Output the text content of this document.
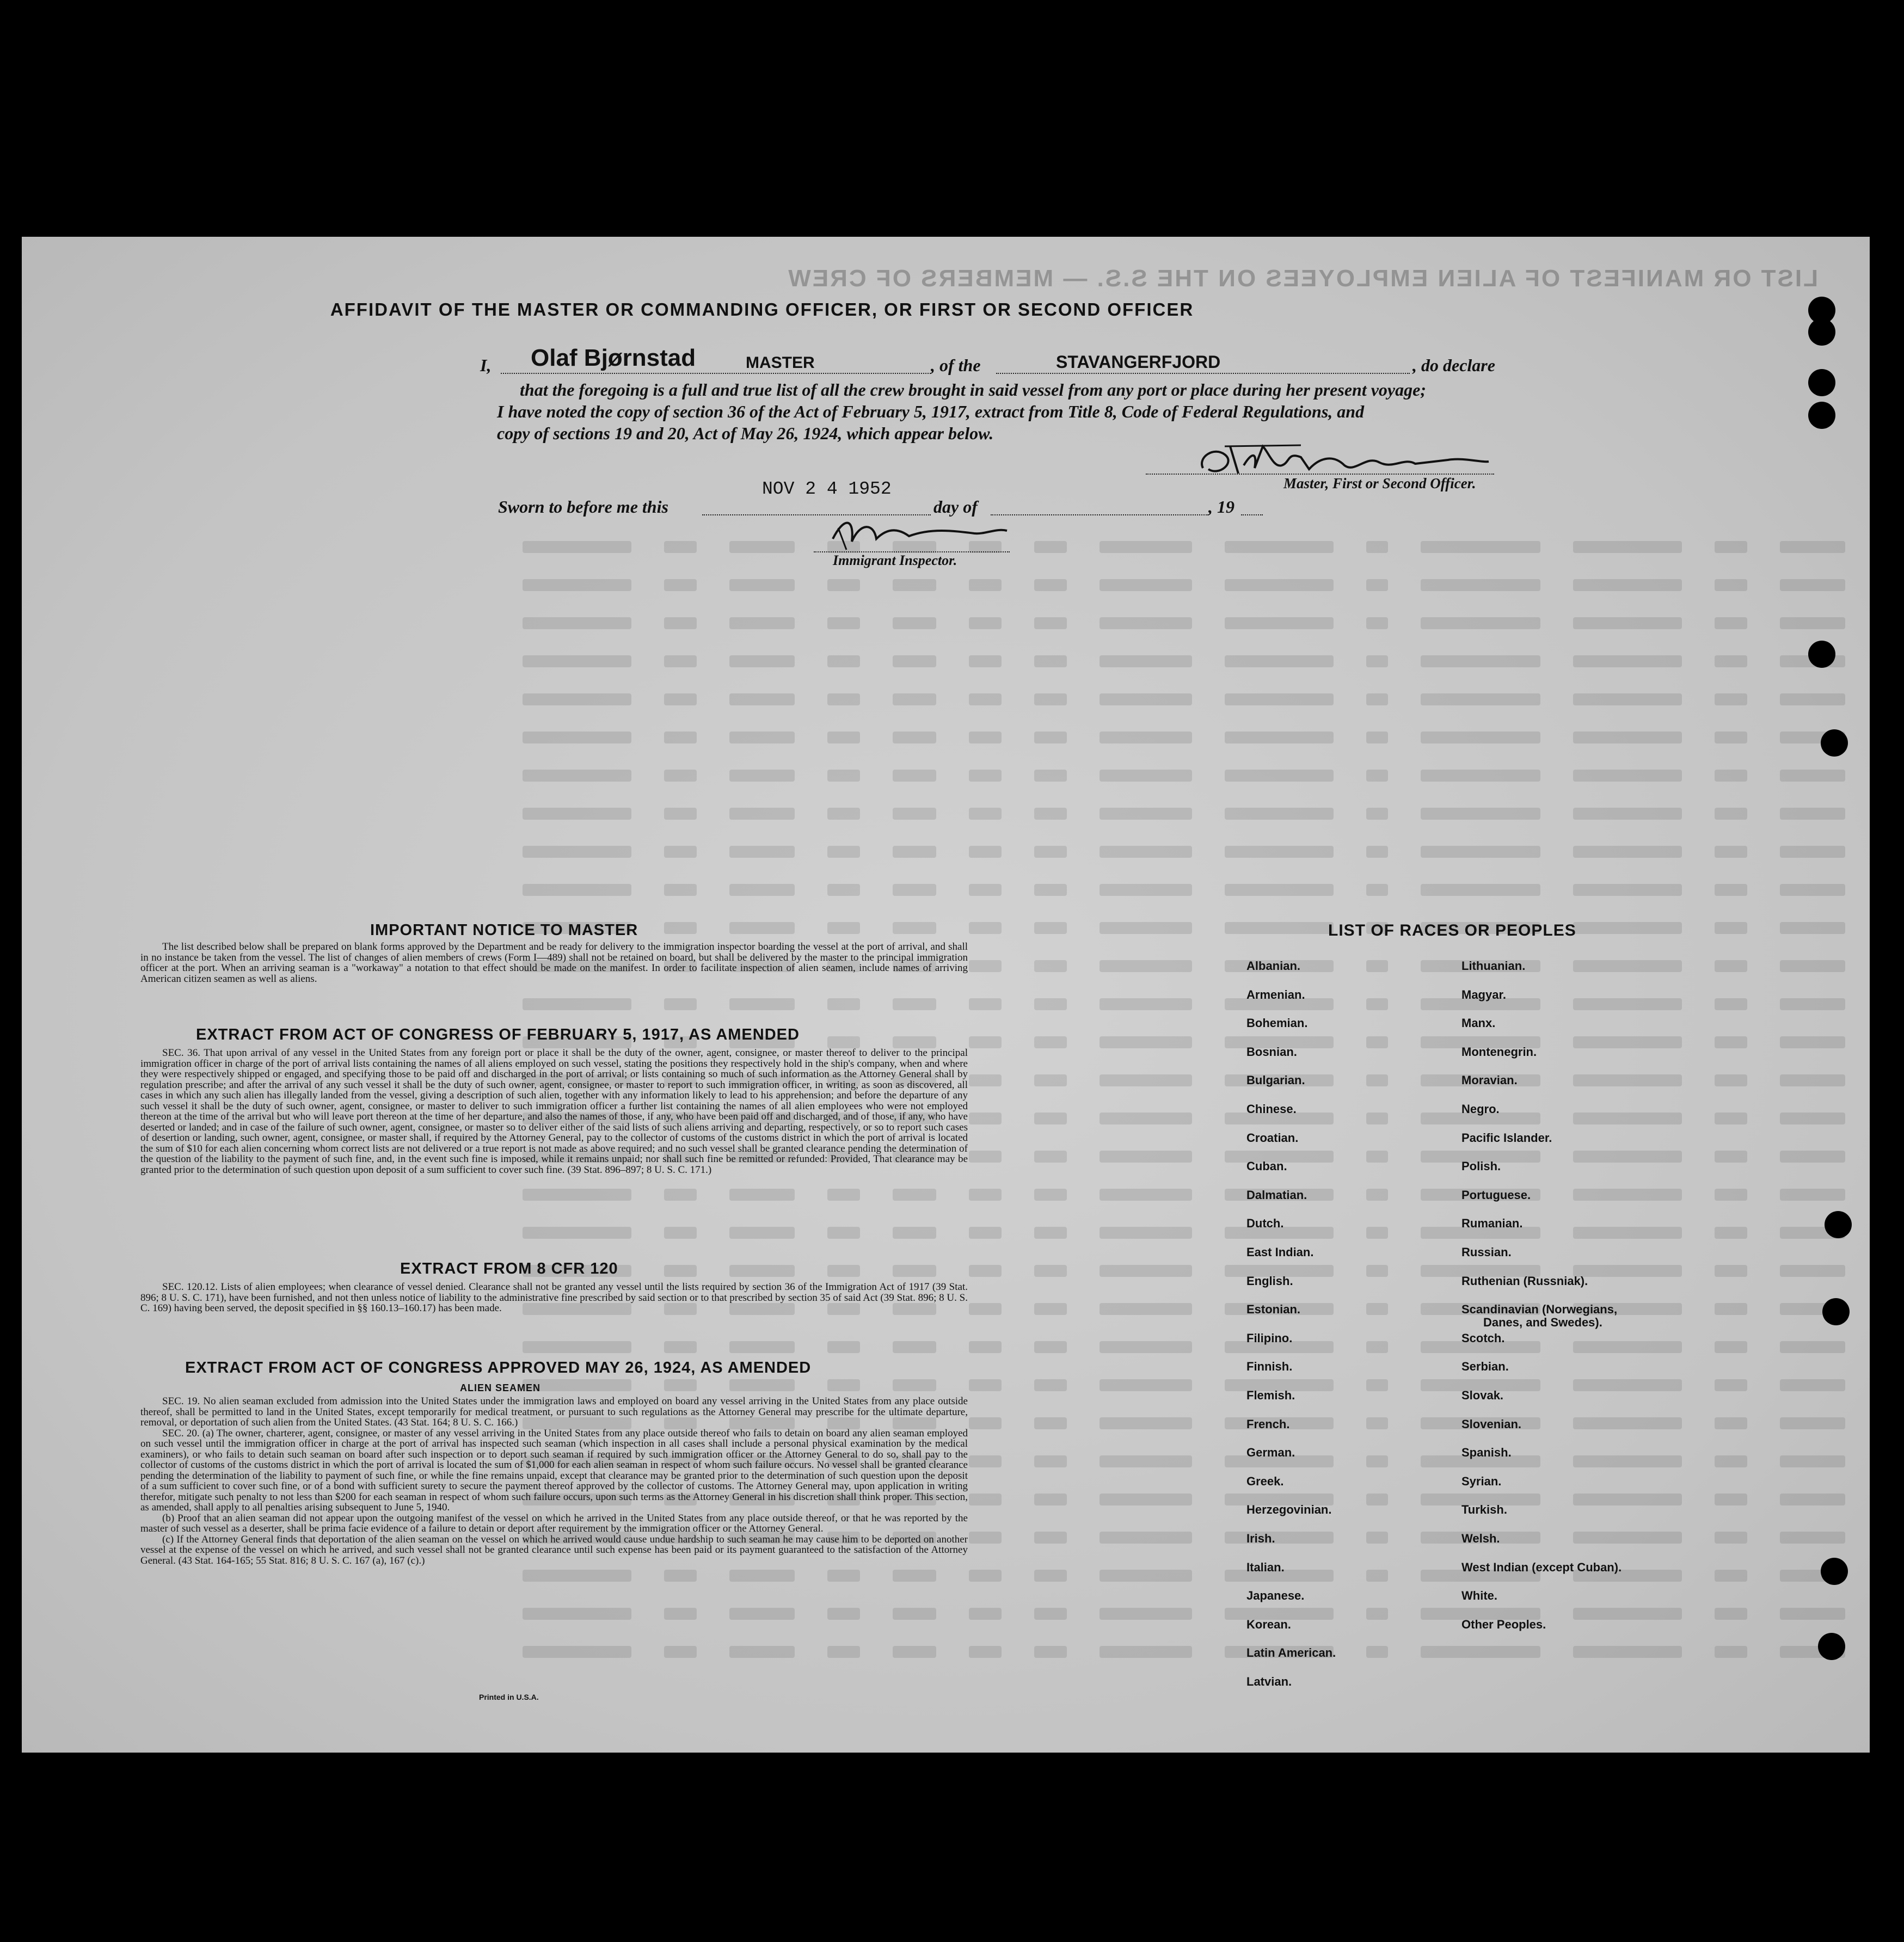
LIST OR MANIFEST OF ALIEN EMPLOYEES ON THE S.S. — MEMBERS OF CREW
AFFIDAVIT OF THE MASTER OR COMMANDING OFFICER, OR FIRST OR SECOND OFFICER
I, Olaf Bjørnstad	MASTER	, of the	STAVANGERFJORD	, do declare
that the foregoing is a full and true list of all the crew brought in said vessel from any port or place during her present voyage;
I have noted the copy of section 36 of the Act of February 5, 1917, extract from Title 8, Code of Federal Regulations, and
copy of sections 19 and 20, Act of May 26, 1924, which appear below.
Master, First or Second Officer.
NOV 2 4 1952
Sworn to before me this	day of	, 19
Immigrant Inspector.
IMPORTANT NOTICE TO MASTER

The list described below shall be prepared on blank forms approved by the Department and be ready for delivery to the immigration inspector boarding the vessel at the port of arrival, and shall in no instance be taken from the vessel. The list of changes of alien members of crews (Form I—489) shall not be retained on board, but shall be delivered by the master to the principal immigration officer at the port. When an arriving seaman is a "workaway" a notation to that effect should be made on the manifest. In order to facilitate inspection of alien seamen, include names of arriving American citizen seamen as well as aliens.

EXTRACT FROM ACT OF CONGRESS OF FEBRUARY 5, 1917, AS AMENDED

SEC. 36. That upon arrival of any vessel in the United States from any foreign port or place it shall be the duty of the owner, agent, consignee, or master thereof to deliver to the principal immigration officer in charge of the port of arrival lists containing the names of all aliens employed on such vessel, stating the positions they respectively hold in the ship's company, when and where they were respectively shipped or engaged, and specifying those to be paid off and discharged in the port of arrival; or lists containing so much of such information as the Attorney General shall by regulation prescribe; and after the arrival of any such vessel it shall be the duty of such owner, agent, consignee, or master to report to such immigration officer, in writing, as soon as discovered, all cases in which any such alien has illegally landed from the vessel, giving a description of such alien, together with any information likely to lead to his apprehension; and before the departure of any such vessel it shall be the duty of such owner, agent, consignee, or master to deliver to such immigration officer a further list containing the names of all alien employees who were not employed thereon at the time of the arrival but who will leave port thereon at the time of her departure, and also the names of those, if any, who have been paid off and discharged, and of those, if any, who have deserted or landed; and in case of the failure of such owner, agent, consignee, or master so to deliver either of the said lists of such aliens arriving and departing, respectively, or so to report such cases of desertion or landing, such owner, agent, consignee, or master shall, if required by the Attorney General, pay to the collector of customs of the customs district in which the port of arrival is located the sum of $10 for each alien concerning whom correct lists are not delivered or a true report is not made as above required; and no such vessel shall be granted clearance pending the determination of the question of the liability to the payment of such fine, and, in the event such fine is imposed, while it remains unpaid; nor shall such fine be remitted or refunded: Provided, That clearance may be granted prior to the determination of such question upon deposit of a sum sufficient to cover such fine. (39 Stat. 896–897; 8 U. S. C. 171.)

EXTRACT FROM 8 CFR 120

SEC. 120.12. Lists of alien employees; when clearance of vessel denied. Clearance shall not be granted any vessel until the lists required by section 36 of the Immigration Act of 1917 (39 Stat. 896; 8 U. S. C. 171), have been furnished, and not then unless notice of liability to the administrative fine prescribed by said section or to that prescribed by section 35 of said Act (39 Stat. 896; 8 U. S. C. 169) having been served, the deposit specified in §§ 160.13–160.17) has been made.

EXTRACT FROM ACT OF CONGRESS APPROVED MAY 26, 1924, AS AMENDED
ALIEN SEAMEN

SEC. 19. No alien seaman excluded from admission into the United States under the immigration laws and employed on board any vessel arriving in the United States from any place outside thereof, shall be permitted to land in the United States, except temporarily for medical treatment, or pursuant to such regulations as the Attorney General may prescribe for the ultimate departure, removal, or deportation of such alien from the United States. (43 Stat. 164; 8 U. S. C. 166.)

SEC. 20. (a) The owner, charterer, agent, consignee, or master of any vessel arriving in the United States from any place outside thereof who fails to detain on board any alien seaman employed on such vessel until the immigration officer in charge at the port of arrival has inspected such seaman (which inspection in all cases shall include a personal physical examination by the medical examiners), or who fails to detain such seaman on board after such inspection or to deport such seaman if required by such immigration officer or the Attorney General to do so, shall pay to the collector of customs of the customs district in which the port of arrival is located the sum of $1,000 for each alien seaman in respect of whom such failure occurs. No vessel shall be granted clearance pending the determination of the liability to payment of such fine, or while the fine remains unpaid, except that clearance may be granted prior to the determination of such question upon the deposit of a sum sufficient to cover such fine, or of a bond with sufficient surety to secure the payment thereof approved by the collector of customs. The Attorney General may, upon application in writing therefor, mitigate such penalty to not less than $200 for each seaman in respect of whom such failure occurs, upon such terms as the Attorney General in his discretion shall think proper. This section, as amended, shall apply to all penalties arising subsequent to June 5, 1940.

(b) Proof that an alien seaman did not appear upon the outgoing manifest of the vessel on which he arrived in the United States from any place outside thereof, or that he was reported by the master of such vessel as a deserter, shall be prima facie evidence of a failure to detain or deport after requirement by the immigration officer or the Attorney General.

(c) If the Attorney General finds that deportation of the alien seaman on the vessel on which he arrived would cause undue hardship to such seaman he may cause him to be deported on another vessel at the expense of the vessel on which he arrived, and such vessel shall not be granted clearance until such expense has been paid or its payment guaranteed to the satisfaction of the Attorney General. (43 Stat. 164-165; 55 Stat. 816; 8 U. S. C. 167 (a), 167 (c).)

Printed in U.S.A.
LIST OF RACES OR PEOPLES
Albanian.
Armenian.
Bohemian.
Bosnian.
Bulgarian.
Chinese.
Croatian.
Cuban.
Dalmatian.
Dutch.
East Indian.
English.
Estonian.
Filipino.
Finnish.
Flemish.
French.
German.
Greek.
Herzegovinian.
Irish.
Italian.
Japanese.
Korean.
Latin American.
Latvian.
Lithuanian.
Magyar.
Manx.
Montenegrin.
Moravian.
Negro.
Pacific Islander.
Polish.
Portuguese.
Rumanian.
Russian.
Ruthenian (Russniak).
Scandinavian (Norwegians,
Danes, and Swedes).
Scotch.
Serbian.
Slovak.
Slovenian.
Spanish.
Syrian.
Turkish.
Welsh.
West Indian (except Cuban).
White.
Other Peoples.
